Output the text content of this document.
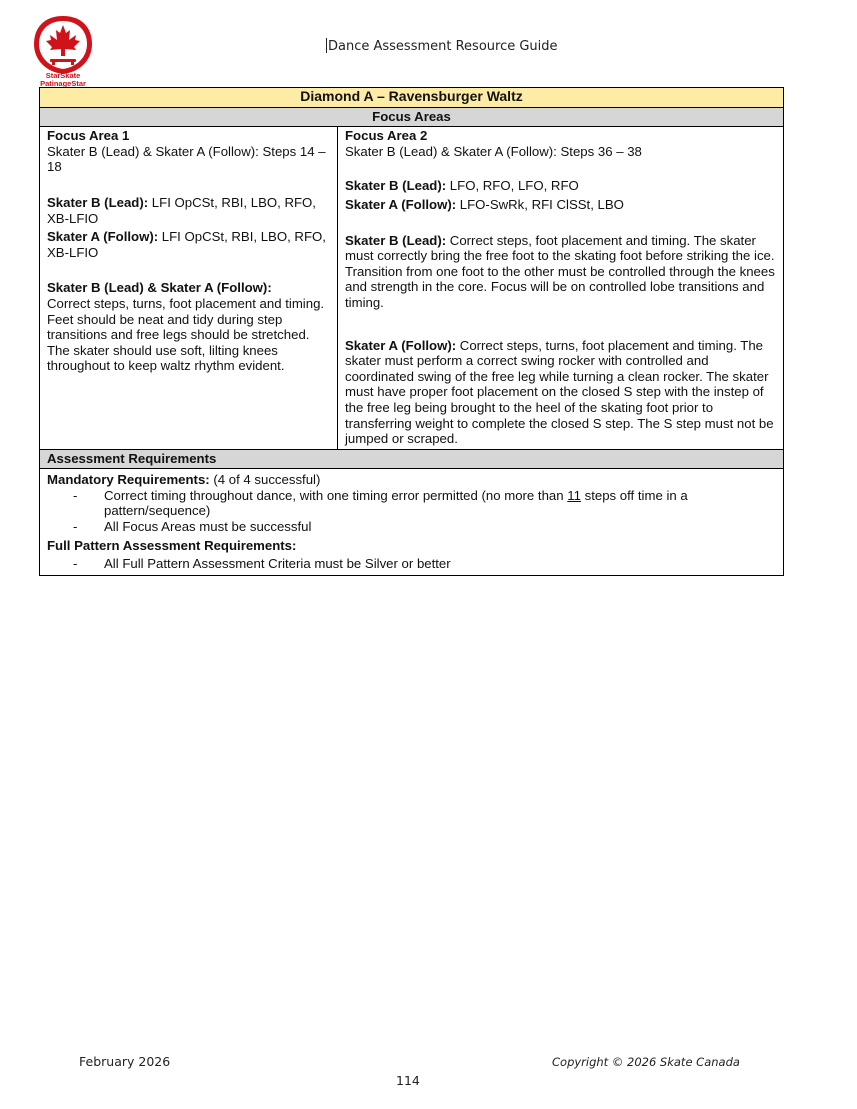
StarSkate PatinageStar
Dance Assessment Resource Guide
Diamond A – Ravensburger Waltz
Focus Areas

Focus Area 1

Skater B (Lead) & Skater A (Follow): Steps 14 – 18

Skater B (Lead): LFI OpCSt, RBI, LBO, RFO, XB-LFIO

Skater A (Follow): LFI OpCSt, RBI, LBO, RFO, XB-LFIO

Skater B (Lead) & Skater A (Follow):

Correct steps, turns, foot placement and timing. Feet should be neat and tidy during step transitions and free legs should be stretched. The skater should use soft, lilting knees throughout to keep waltz rhythm evident.

Focus Area 2

Skater B (Lead) & Skater A (Follow): Steps 36 – 38

Skater B (Lead): LFO, RFO, LFO, RFO

Skater A (Follow): LFO-SwRk, RFI ClSSt, LBO

Skater B (Lead): Correct steps, foot placement and timing. The skater must correctly bring the free foot to the skating foot before striking the ice. Transition from one foot to the other must be controlled through the knees and strength in the core. Focus will be on controlled lobe transitions and timing.

Skater A (Follow): Correct steps, turns, foot placement and timing. The skater must perform a correct swing rocker with controlled and coordinated swing of the free leg while turning a clean rocker. The skater must have proper foot placement on the closed S step with the instep of the free leg being brought to the heel of the skating foot prior to transferring weight to complete the closed S step. The S step must not be jumped or scraped.

Assessment Requirements

Mandatory Requirements: (4 of 4 successful)

- Correct timing throughout dance, with one timing error permitted (no more than 11 steps off time in a pattern/sequence)
- All Focus Areas must be successful

Full Pattern Assessment Requirements:

- All Full Pattern Assessment Criteria must be Silver or better
February 2026	Copyright © 2026 Skate Canada
114
